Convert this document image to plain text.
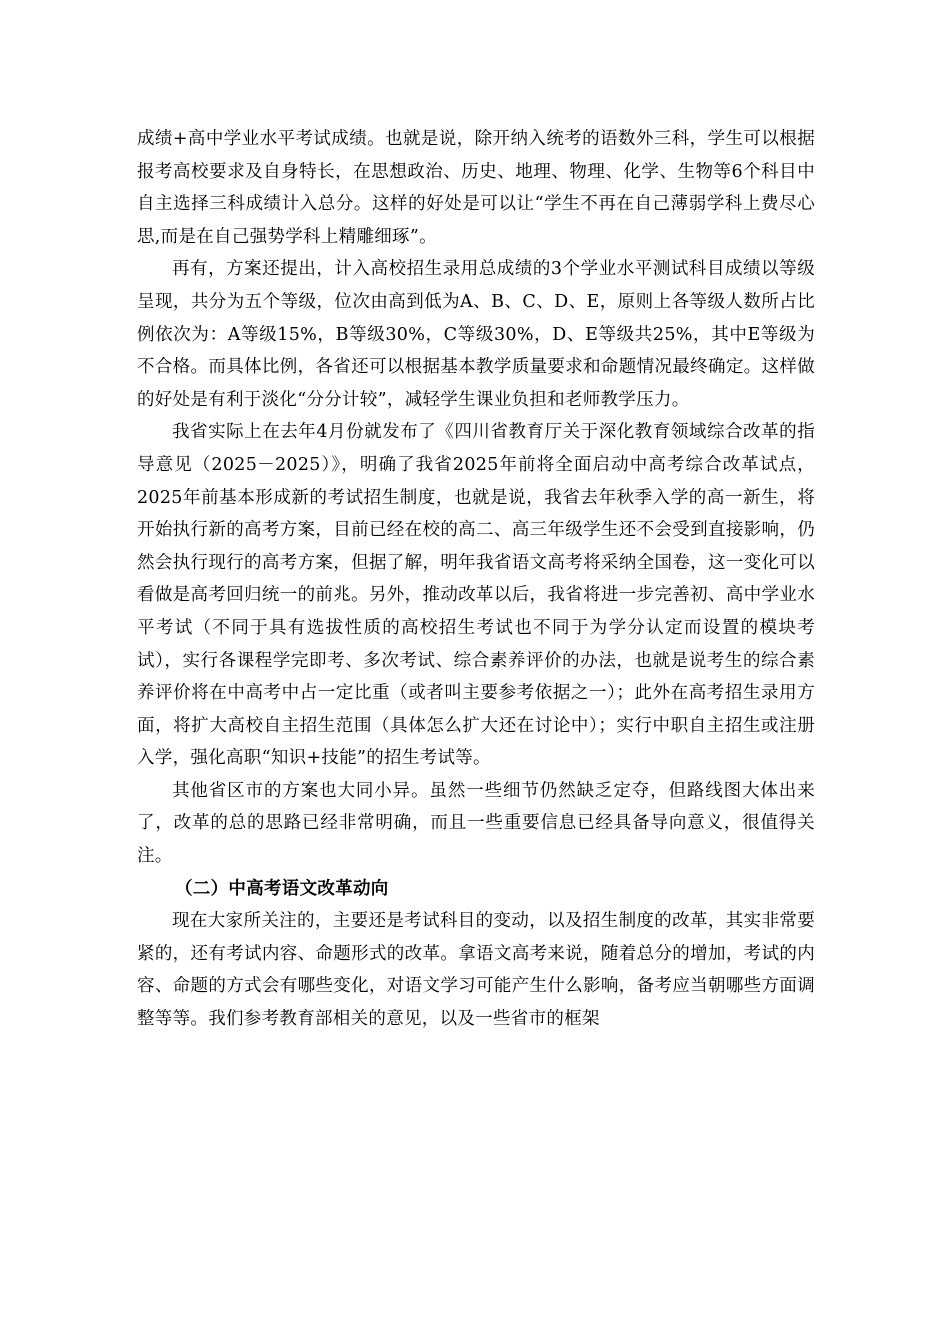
成绩+高中学业水平考试成绩。也就是说，除开纳入统考的语数外三科，学生可以根据报考高校要求及自身特长，在思想政治、历史、地理、物理、化学、生物等6个科目中自主选择三科成绩计入总分。这样的好处是可以让“学生不再在自己薄弱学科上费尽心思,而是在自己强势学科上精雕细琢”。

再有，方案还提出，计入高校招生录用总成绩的3个学业水平测试科目成绩以等级呈现，共分为五个等级，位次由高到低为A、B、C、D、E，原则上各等级人数所占比例依次为：A等级15%，B等级30%，C等级30%，D、E等级共25%，其中E等级为不合格。而具体比例，各省还可以根据基本教学质量要求和命题情况最终确定。这样做的好处是有利于淡化“分分计较”，减轻学生课业负担和老师教学压力。

我省实际上在去年4月份就发布了《四川省教育厅关于深化教育领域综合改革的指导意见（2025－2025）》，明确了我省2025年前将全面启动中高考综合改革试点，2025年前基本形成新的考试招生制度，也就是说，我省去年秋季入学的高一新生，将开始执行新的高考方案，目前已经在校的高二、高三年级学生还不会受到直接影响，仍然会执行现行的高考方案，但据了解，明年我省语文高考将采纳全国卷，这一变化可以看做是高考回归统一的前兆。另外，推动改革以后，我省将进一步完善初、高中学业水平考试（不同于具有选拔性质的高校招生考试也不同于为学分认定而设置的模块考试），实行各课程学完即考、多次考试、综合素养评价的办法，也就是说考生的综合素养评价将在中高考中占一定比重（或者叫主要参考依据之一）；此外在高考招生录用方面，将扩大高校自主招生范围（具体怎么扩大还在讨论中）；实行中职自主招生或注册入学，强化高职“知识+技能”的招生考试等。

其他省区市的方案也大同小异。虽然一些细节仍然缺乏定夺，但路线图大体出来了，改革的总的思路已经非常明确，而且一些重要信息已经具备导向意义，很值得关注。

（二）中高考语文改革动向

现在大家所关注的，主要还是考试科目的变动，以及招生制度的改革，其实非常要紧的，还有考试内容、命题形式的改革。拿语文高考来说，随着总分的增加，考试的内容、命题的方式会有哪些变化，对语文学习可能产生什么影响，备考应当朝哪些方面调整等等。我们参考教育部相关的意见，以及一些省市的框架
